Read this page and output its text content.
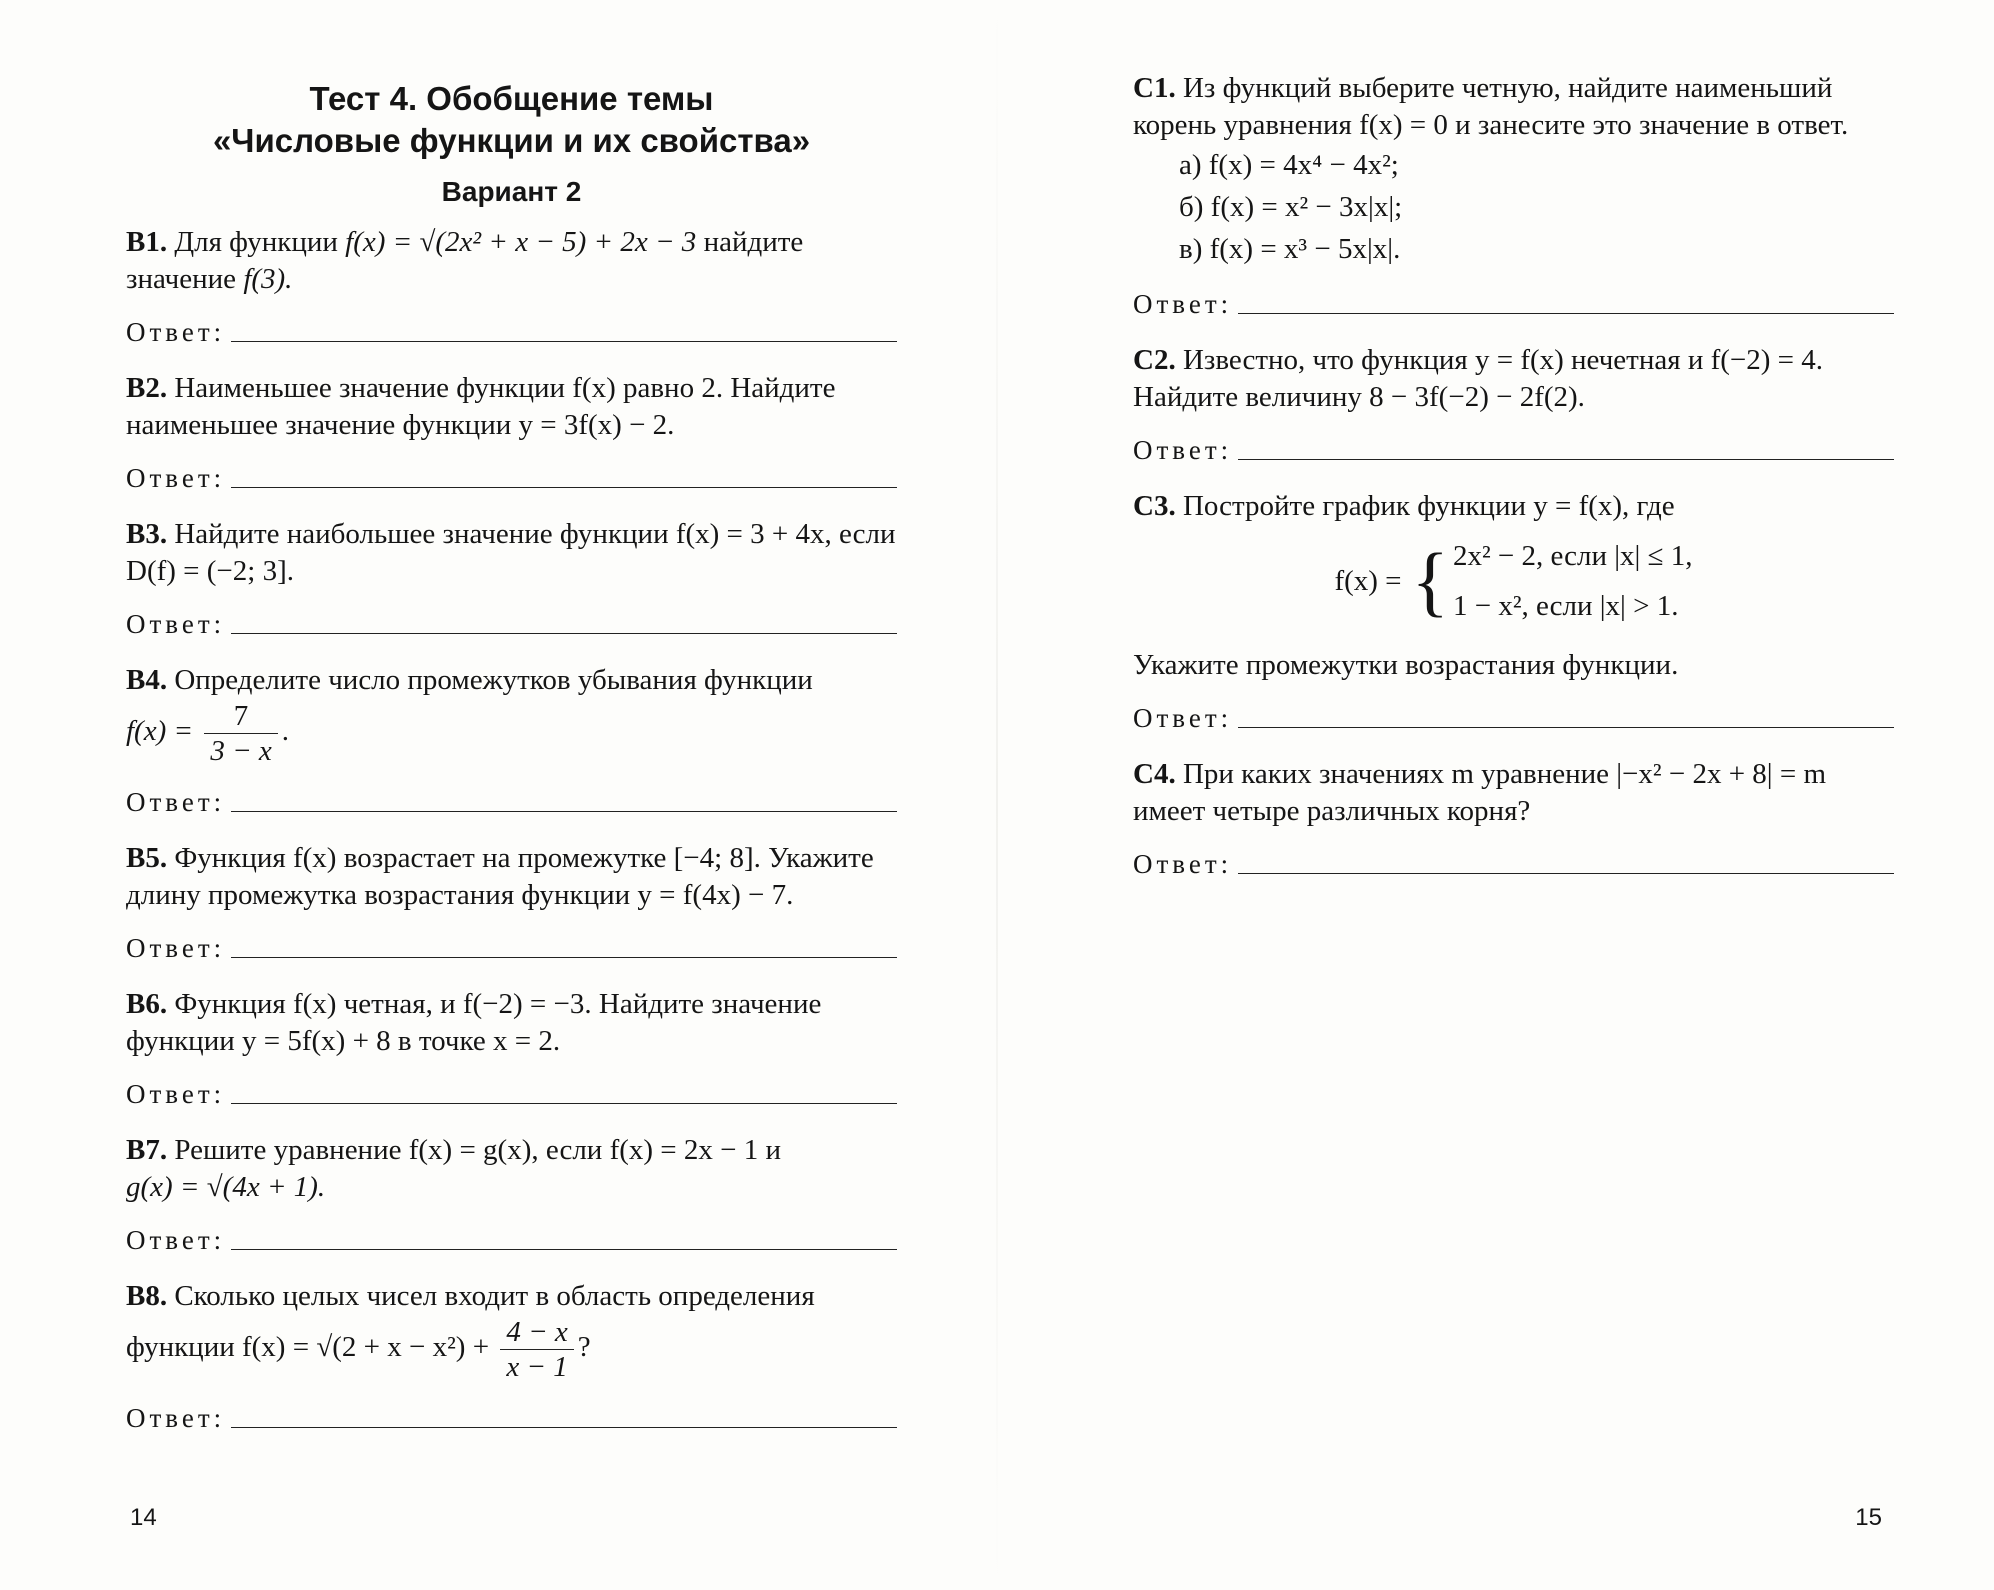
Тест 4. Обобщение темы
«Числовые функции и их свойства»
Вариант 2

В1. Для функции f(x) = √(2x² + x − 5) + 2x − 3 найдите значение f(3).

Ответ:

В2. Наименьшее значение функции f(x) равно 2. Найдите наименьшее значение функции y = 3f(x) − 2.

Ответ:

В3. Найдите наибольшее значение функции f(x) = 3 + 4x, если D(f) = (−2; 3].

Ответ:

В4. Определите число промежутков убывания функции
$f(x) = \frac{7}{3 - x}$ .

Ответ:

В5. Функция f(x) возрастает на промежутке [−4; 8]. Укажите длину промежутка возрастания функции y = f(4x) − 7.

Ответ:

В6. Функция f(x) четная, и f(−2) = −3. Найдите значение функции y = 5f(x) + 8 в точке x = 2.

Ответ:

В7. Решите уравнение f(x) = g(x), если f(x) = 2x − 1 и
g(x) = √(4x + 1).

Ответ:

В8. Сколько целых чисел входит в область определения
функции $f(x) = √(2 + x - x^2) + \frac{4 - x}{x - 1}$ ?

Ответ:
14

С1. Из функций выберите четную, найдите наименьший корень уравнения f(x) = 0 и занесите это значение в ответ.

а) f(x) = 4x⁴ − 4x²;
б) f(x) = x² − 3x|x|;
в) f(x) = x³ − 5x|x|.
Ответ:

С2. Известно, что функция y = f(x) нечетная и f(−2) = 4. Найдите величину 8 − 3f(−2) − 2f(2).

Ответ:

С3. Постройте график функции y = f(x), где

f(x) = { 2x² − 2, если |x| ≤ 1,
1 − x², если |x| > 1.

Укажите промежутки возрастания функции.

Ответ:

С4. При каких значениях m уравнение |−x² − 2x + 8| = m имеет четыре различных корня?

Ответ:
15
